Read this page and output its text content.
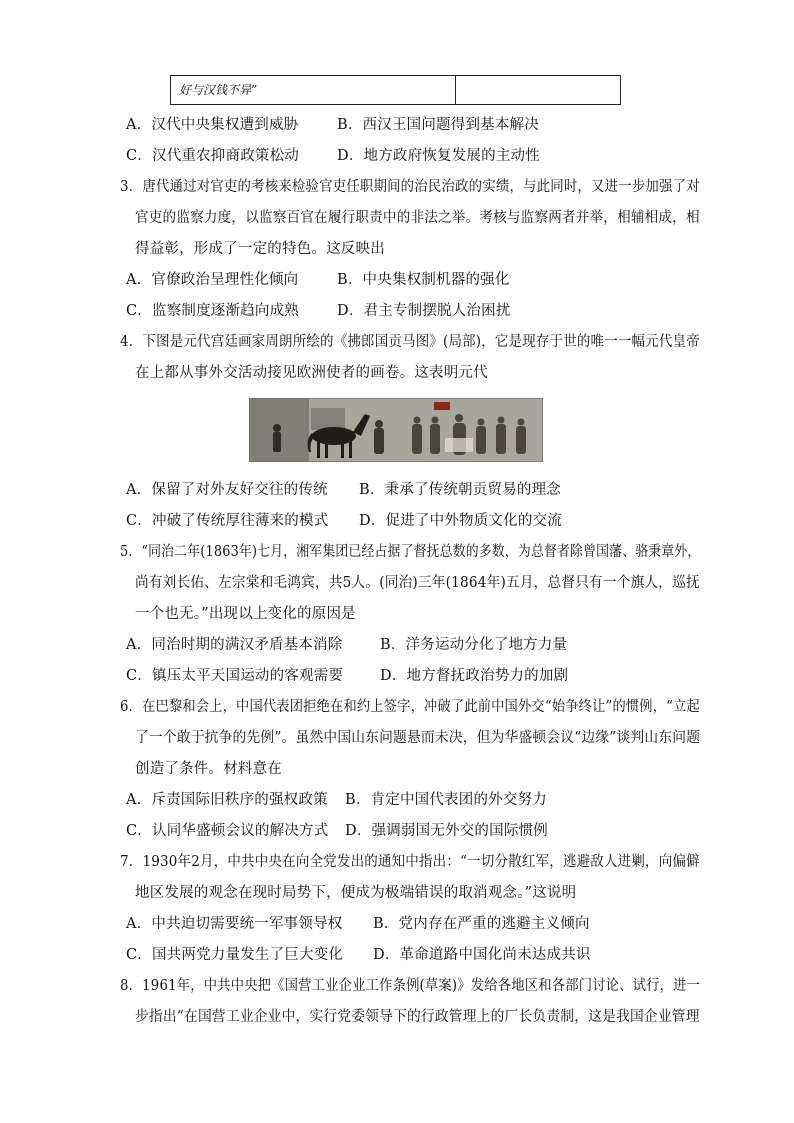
好与汉钱不异”
A．汉代中央集权遭到威胁	B．西汉王国问题得到基本解决
C．汉代重农抑商政策松动	D．地方政府恢复发展的主动性
3．唐代通过对官吏的考核来检验官吏任职期间的治民治政的实绩，与此同时，又进一步加强了对
官吏的监察力度，以监察百官在履行职责中的非法之举。考核与监察两者并举，相辅相成，相
得益彰，形成了一定的特色。这反映出
A．官僚政治呈理性化倾向	B．中央集权制机器的强化
C．监察制度逐渐趋向成熟	D．君主专制摆脱人治困扰
4．下图是元代宫廷画家周朗所绘的《拂郎国贡马图》(局部)，它是现存于世的唯一一幅元代皇帝
在上都从事外交活动接见欧洲使者的画卷。这表明元代
A．保留了对外友好交往的传统 B．秉承了传统朝贡贸易的理念
C．冲破了传统厚往薄来的模式 D．促进了中外物质文化的交流
5．“同治二年(1863年)七月，湘军集团已经占据了督抚总数的多数，为总督者除曾国藩、骆秉章外，
尚有刘长佑、左宗棠和毛鸿宾，共5人。(同治)三年(1864年)五月，总督只有一个旗人，巡抚
一个也无。”出现以上变化的原因是
A．同治时期的满汉矛盾基本消除	B．洋务运动分化了地方力量
C．镇压太平天国运动的客观需要	D．地方督抚政治势力的加剧
6．在巴黎和会上，中国代表团拒绝在和约上签字，冲破了此前中国外交“始争终让”的惯例，“立起
了一个敢于抗争的先例”。虽然中国山东问题悬而未决，但为华盛顿会议“边缘”谈判山东问题
创造了条件。材料意在
A．斥责国际旧秩序的强权政策 B．肯定中国代表团的外交努力
C．认同华盛顿会议的解决方式 D．强调弱国无外交的国际惯例
7．1930年2月，中共中央在向全党发出的通知中指出：“一切分散红军，逃避敌人进剿，向偏僻
地区发展的观念在现时局势下，便成为极端错误的取消观念。”这说明
A．中共迫切需要统一军事领导权 B．党内存在严重的逃避主义倾向
C．国共两党力量发生了巨大变化 D．革命道路中国化尚未达成共识
8．1961年，中共中央把《国营工业企业工作条例(草案)》发给各地区和各部门讨论、试行，进一
步指出“在国营工业企业中，实行党委领导下的行政管理上的厂长负责制，这是我国企业管理
